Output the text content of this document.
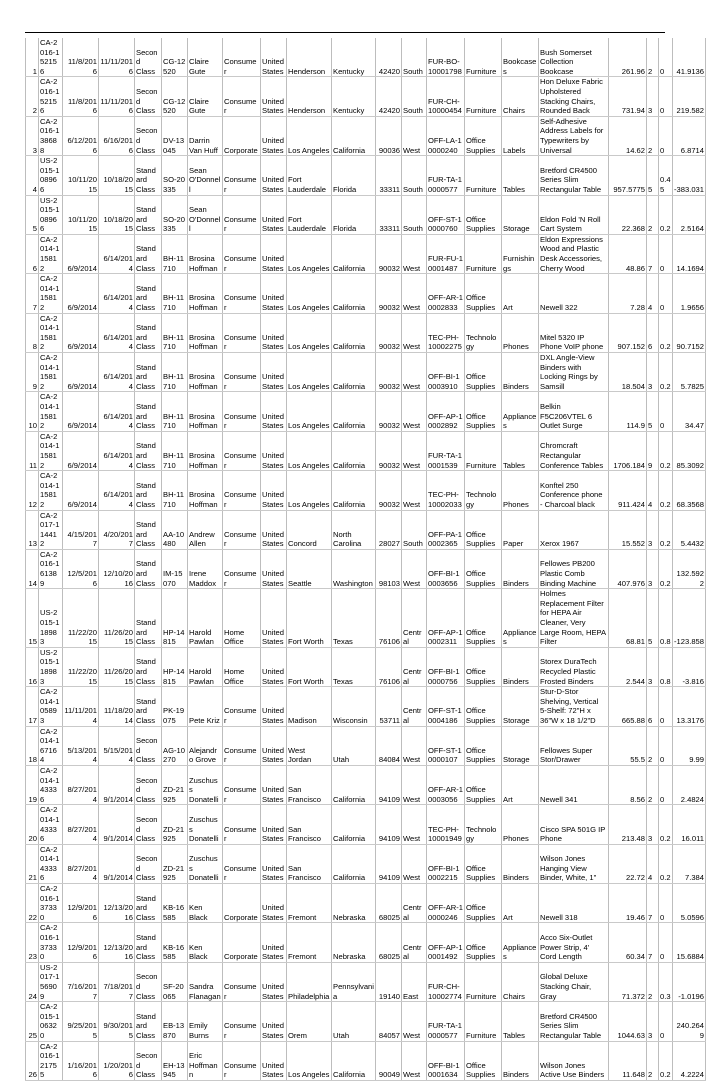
1	CA-2016-152156	11/8/2016	11/11/2016	Second Class	CG-12520	Claire Gute	Consumer	United States	Henderson	Kentucky	42420	South	FUR-BO-10001798	Furniture	Bookcases	Bush Somerset Collection Bookcase	261.96	2	0	41.9136
2	CA-2016-152156	11/8/2016	11/11/2016	Second Class	CG-12520	Claire Gute	Consumer	United States	Henderson	Kentucky	42420	South	FUR-CH-10000454	Furniture	Chairs	Hon Deluxe Fabric Upholstered Stacking Chairs, Rounded Back	731.94	3	0	219.582
3	CA-2016-138688	6/12/2016	6/16/2016	Second Class	DV-13045	Darrin Van Huff	Corporate	United States	Los Angeles	California	90036	West	OFF-LA-10000240	Office Supplies	Labels	Self-Adhesive Address Labels for Typewriters by Universal	14.62	2	0	6.8714
4	US-2015-108966	10/11/2015	10/18/2015	Standard Class	SO-20335	Sean O'Donnell	Consumer	United States	Fort Lauderdale	Florida	33311	South	FUR-TA-10000577	Furniture	Tables	Bretford CR4500 Series Slim Rectangular Table	957.5775	5	0.45	-383.031
5	US-2015-108966	10/11/2015	10/18/2015	Standard Class	SO-20335	Sean O'Donnell	Consumer	United States	Fort Lauderdale	Florida	33311	South	OFF-ST-10000760	Office Supplies	Storage	Eldon Fold 'N Roll Cart System	22.368	2	0.2	2.5164
6	CA-2014-115812	6/9/2014	6/14/2014	Standard Class	BH-11710	Brosina Hoffman	Consumer	United States	Los Angeles	California	90032	West	FUR-FU-10001487	Furniture	Furnishings	Eldon Expressions Wood and Plastic Desk Accessories, Cherry Wood	48.86	7	0	14.1694
7	CA-2014-115812	6/9/2014	6/14/2014	Standard Class	BH-11710	Brosina Hoffman	Consumer	United States	Los Angeles	California	90032	West	OFF-AR-10002833	Office Supplies	Art	Newell 322	7.28	4	0	1.9656
8	CA-2014-115812	6/9/2014	6/14/2014	Standard Class	BH-11710	Brosina Hoffman	Consumer	United States	Los Angeles	California	90032	West	TEC-PH-10002275	Technology	Phones	Mitel 5320 IP Phone VoIP phone	907.152	6	0.2	90.7152
9	CA-2014-115812	6/9/2014	6/14/2014	Standard Class	BH-11710	Brosina Hoffman	Consumer	United States	Los Angeles	California	90032	West	OFF-BI-10003910	Office Supplies	Binders	DXL Angle-View Binders with Locking Rings by Samsill	18.504	3	0.2	5.7825
10	CA-2014-115812	6/9/2014	6/14/2014	Standard Class	BH-11710	Brosina Hoffman	Consumer	United States	Los Angeles	California	90032	West	OFF-AP-10002892	Office Supplies	Appliances	Belkin F5C206VTEL 6 Outlet Surge	114.9	5	0	34.47
11	CA-2014-115812	6/9/2014	6/14/2014	Standard Class	BH-11710	Brosina Hoffman	Consumer	United States	Los Angeles	California	90032	West	FUR-TA-10001539	Furniture	Tables	Chromcraft Rectangular Conference Tables	1706.184	9	0.2	85.3092
12	CA-2014-115812	6/9/2014	6/14/2014	Standard Class	BH-11710	Brosina Hoffman	Consumer	United States	Los Angeles	California	90032	West	TEC-PH-10002033	Technology	Phones	Konftel 250 Conference phone - Charcoal black	911.424	4	0.2	68.3568
13	CA-2017-114412	4/15/2017	4/20/2017	Standard Class	AA-10480	Andrew Allen	Consumer	United States	Concord	North Carolina	28027	South	OFF-PA-10002365	Office Supplies	Paper	Xerox 1967	15.552	3	0.2	5.4432
14	CA-2016-161389	12/5/2016	12/10/2016	Standard Class	IM-15070	Irene Maddox	Consumer	United States	Seattle	Washington	98103	West	OFF-BI-10003656	Office Supplies	Binders	Fellowes PB200 Plastic Comb Binding Machine	407.976	3	0.2	132.5922
15	US-2015-118983	11/22/2015	11/26/2015	Standard Class	HP-14815	Harold Pawlan	Home Office	United States	Fort Worth	Texas	76106	Central	OFF-AP-10002311	Office Supplies	Appliances	Holmes Replacement Filter for HEPA Air Cleaner, Very Large Room, HEPA Filter	68.81	5	0.8	-123.858
16	US-2015-118983	11/22/2015	11/26/2015	Standard Class	HP-14815	Harold Pawlan	Home Office	United States	Fort Worth	Texas	76106	Central	OFF-BI-10000756	Office Supplies	Binders	Storex DuraTech Recycled Plastic Frosted Binders	2.544	3	0.8	-3.816
17	CA-2014-105893	11/11/2014	11/18/2014	Standard Class	PK-19075	Pete Kriz	Consumer	United States	Madison	Wisconsin	53711	Central	OFF-ST-10004186	Office Supplies	Storage	Stur-D-Stor Shelving, Vertical 5-Shelf: 72"H x 36"W x 18 1/2"D	665.88	6	0	13.3176
18	CA-2014-167164	5/13/2014	5/15/2014	Second Class	AG-10270	Alejandro Grove	Consumer	United States	West Jordan	Utah	84084	West	OFF-ST-10000107	Office Supplies	Storage	Fellowes Super Stor/Drawer	55.5	2	0	9.99
19	CA-2014-143336	8/27/2014	9/1/2014	Second Class	ZD-21925	Zuschuss Donatelli	Consumer	United States	San Francisco	California	94109	West	OFF-AR-10003056	Office Supplies	Art	Newell 341	8.56	2	0	2.4824
20	CA-2014-143336	8/27/2014	9/1/2014	Second Class	ZD-21925	Zuschuss Donatelli	Consumer	United States	San Francisco	California	94109	West	TEC-PH-10001949	Technology	Phones	Cisco SPA 501G IP Phone	213.48	3	0.2	16.011
21	CA-2014-143336	8/27/2014	9/1/2014	Second Class	ZD-21925	Zuschuss Donatelli	Consumer	United States	San Francisco	California	94109	West	OFF-BI-10002215	Office Supplies	Binders	Wilson Jones Hanging View Binder, White, 1"	22.72	4	0.2	7.384
22	CA-2016-137330	12/9/2016	12/13/2016	Standard Class	KB-16585	Ken Black	Corporate	United States	Fremont	Nebraska	68025	Central	OFF-AR-10000246	Office Supplies	Art	Newell 318	19.46	7	0	5.0596
23	CA-2016-137330	12/9/2016	12/13/2016	Standard Class	KB-16585	Ken Black	Corporate	United States	Fremont	Nebraska	68025	Central	OFF-AP-10001492	Office Supplies	Appliances	Acco Six-Outlet Power Strip, 4' Cord Length	60.34	7	0	15.6884
24	US-2017-156909	7/16/2017	7/18/2017	Second Class	SF-20065	Sandra Flanagan	Consumer	United States	Philadelphia	Pennsylvania	19140	East	FUR-CH-10002774	Furniture	Chairs	Global Deluxe Stacking Chair, Gray	71.372	2	0.3	-1.0196
25	CA-2015-106320	9/25/2015	9/30/2015	Standard Class	EB-13870	Emily Burns	Consumer	United States	Orem	Utah	84057	West	FUR-TA-10000577	Furniture	Tables	Bretford CR4500 Series Slim Rectangular Table	1044.63	3	0	240.2649
26	CA-2016-121755	1/16/2016	1/20/2016	Second Class	EH-13945	Eric Hoffmann	Consumer	United States	Los Angeles	California	90049	West	OFF-BI-10001634	Office Supplies	Binders	Wilson Jones Active Use Binders	11.648	2	0.2	4.2224
